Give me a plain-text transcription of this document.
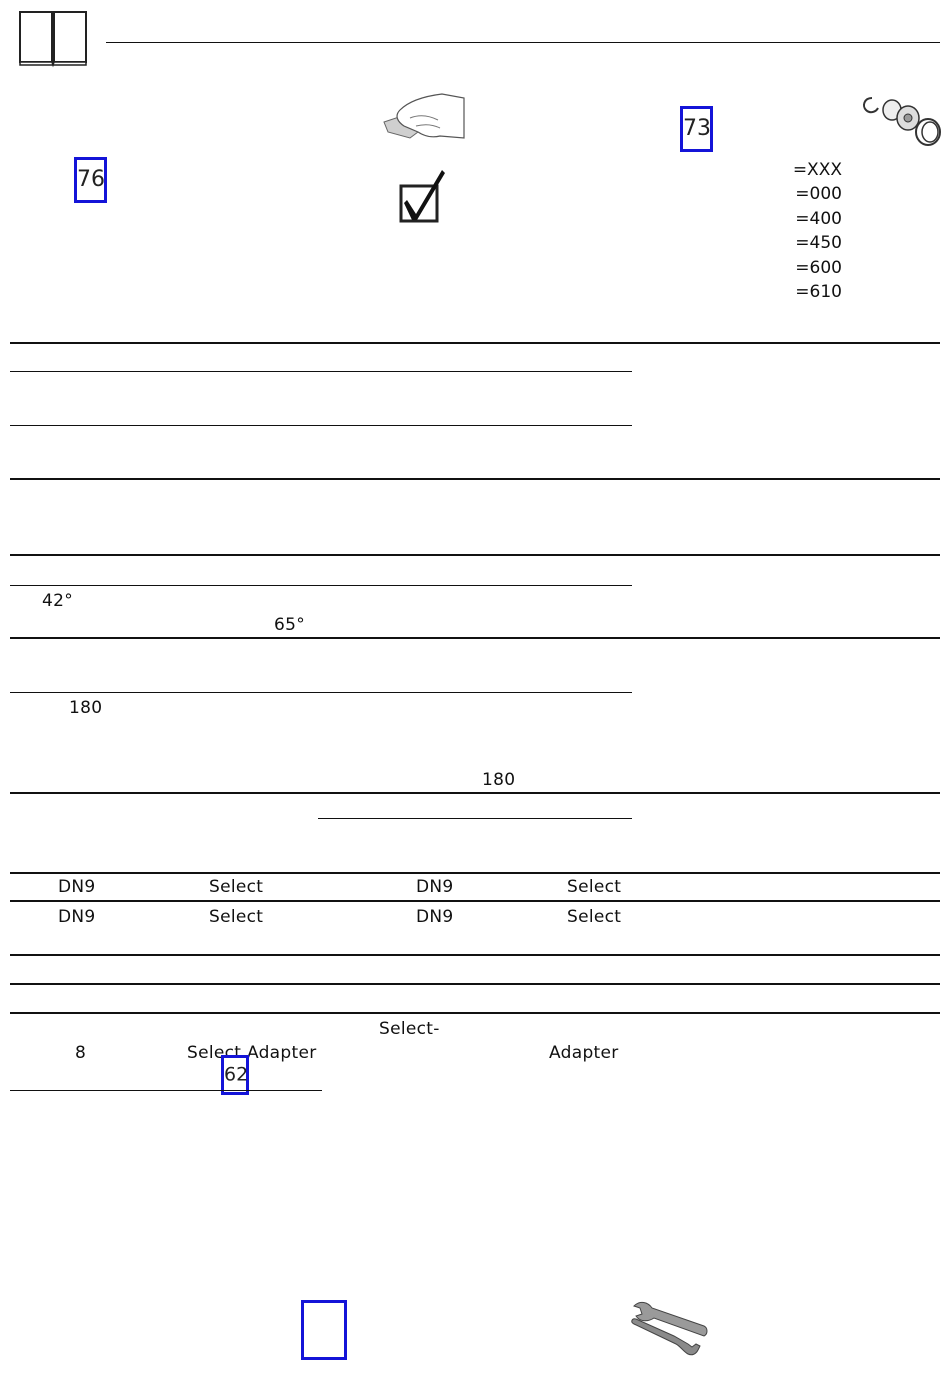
76
73
=XXX
=000
=400
=450
=600
=610
42°
65°
180
180
DN9	Select	DN9	Select
DN9	Select	DN9	Select
Select-
8	Select Adapter	Adapter
62
